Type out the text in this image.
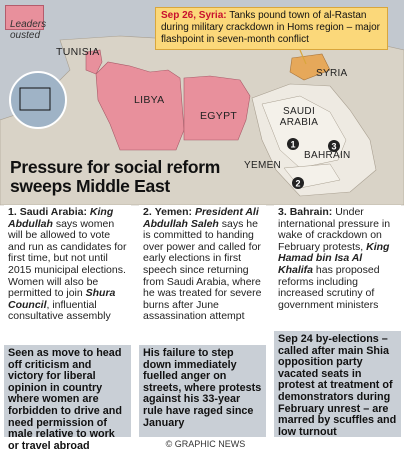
1
2
3
Leaders ousted
TUNISIA
LIBYA
EGYPT
SYRIA
SAUDI ARABIA
YEMEN
BAHRAIN
Sep 26, Syria: Tanks pound town of al-Rastan during military crackdown in Homs region – major flashpoint in seven-month conflict
Pressure for social reform sweeps Middle East
1. Saudi Arabia: King Abdullah says women will be allowed to vote and run as candidates for first time, but not until 2015 municipal elections. Women will also be permitted to join Shura Council, influential consultative assembly
Seen as move to head off criticism and victory for liberal opinion in country where women are forbidden to drive and need permission of male relative to work or travel abroad
2. Yemen: President Ali Abdullah Saleh says he is committed to handing over power and called for early elections in first speech since returning from Saudi Arabia, where he was treated for severe burns after June assassination attempt
His failure to step down immediately fuelled anger on streets, where protests against his 33-year rule have raged since January
3. Bahrain: Under international pressure in wake of crackdown on February protests, King Hamad bin Isa Al Khalifa has proposed reforms including increased scrutiny of government ministers
Sep 24 by-elections – called after main Shia opposition party vacated seats in protest at treatment of demonstrators during February unrest – are marred by scuffles and low turnout
© GRAPHIC NEWS
